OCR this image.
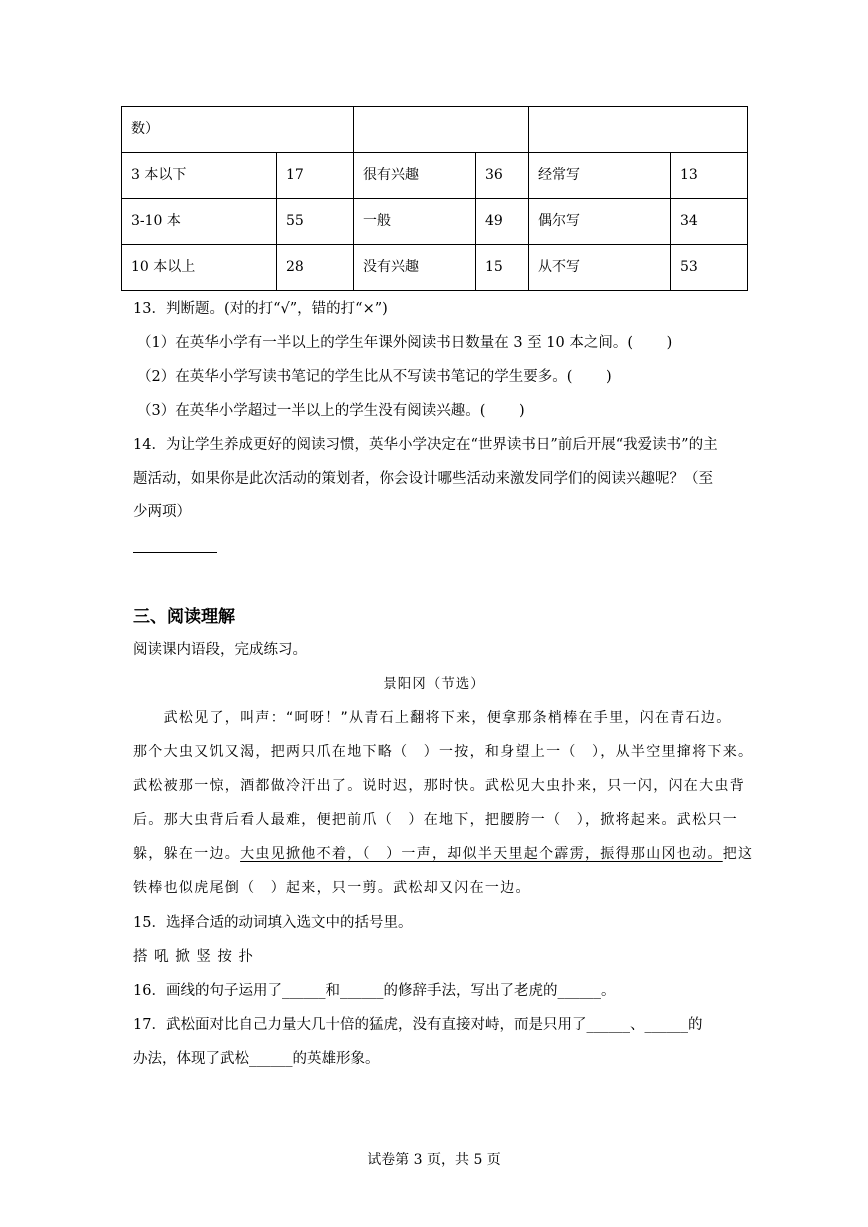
数）					
3 本以下	17	很有兴趣	36	经常写	13
3-10 本	55	一般	49	偶尔写	34
10 本以上	28	没有兴趣	15	从不写	53
13．判断题。(对的打“√”，错的打“×”)
（1）在英华小学有一半以上的学生年课外阅读书日数量在 3 至 10 本之间。(　　 )
（2）在英华小学写读书笔记的学生比从不写读书笔记的学生要多。(　　 )
（3）在英华小学超过一半以上的学生没有阅读兴趣。(　　 )
14．为让学生养成更好的阅读习惯，英华小学决定在“世界读书日”前后开展“我爱读书”的主
题活动，如果你是此次活动的策划者，你会设计哪些活动来激发同学们的阅读兴趣呢？（至
少两项）
三、阅读理解
阅读课内语段，完成练习。
景阳冈（节选）
　　武松见了，叫声：“呵呀！”从青石上翻将下来，便拿那条梢棒在手里，闪在青石边。
那个大虫又饥又渴，把两只爪在地下略（　）一按，和身望上一（　），从半空里撺将下来。
武松被那一惊，酒都做冷汗出了。说时迟，那时快。武松见大虫扑来，只一闪，闪在大虫背
后。那大虫背后看人最难，便把前爪（　）在地下，把腰胯一（　），掀将起来。武松只一
躲，躲在一边。大虫见掀他不着，（　）一声，却似半天里起个霹雳，振得那山冈也动。把这
铁棒也似虎尾倒（　）起来，只一剪。武松却又闪在一边。
15．选择合适的动词填入选文中的括号里。
搭 吼 掀 竖 按 扑
16．画线的句子运用了______和______的修辞手法，写出了老虎的______。
17．武松面对比自己力量大几十倍的猛虎，没有直接对峙，而是只用了______、______的
办法，体现了武松______的英雄形象。
试卷第 3 页，共 5 页
